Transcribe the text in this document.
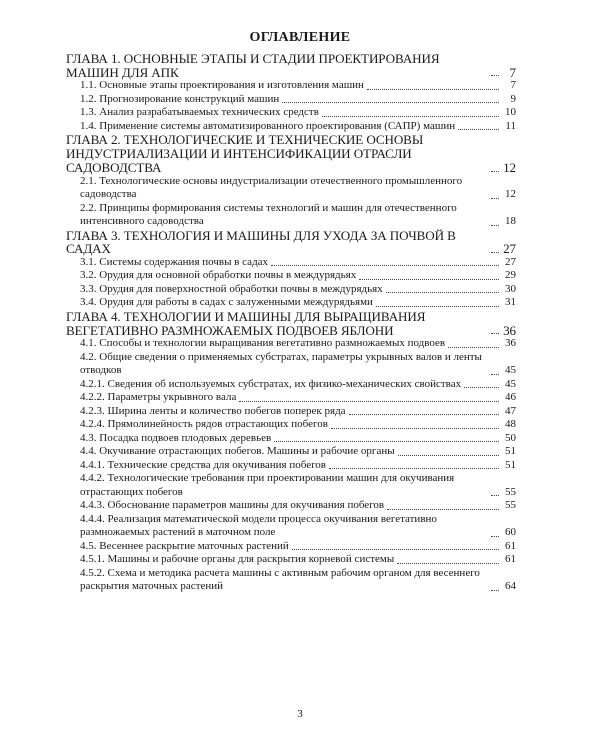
ОГЛАВЛЕНИЕ
ГЛАВА 1. ОСНОВНЫЕ ЭТАПЫ И СТАДИИ ПРОЕКТИРОВАНИЯ МАШИН ДЛЯ АПК	7
1.1. Основные этапы проектирования и изготовления машин	7
1.2. Прогнозирование конструкций машин	9
1.3. Анализ разрабатываемых технических средств	10
1.4. Применение системы автоматизированного проектирования (САПР) машин	11
ГЛАВА 2. ТЕХНОЛОГИЧЕСКИЕ И ТЕХНИЧЕСКИЕ ОСНОВЫ ИНДУСТРИАЛИЗАЦИИ И ИНТЕНСИФИКАЦИИ ОТРАСЛИ САДОВОДСТВА	12
2.1. Технологические основы индустриализации отечественного промышленного садоводства	12
2.2. Принципы формирования системы технологий и машин для отечественного интенсивного садоводства	18
ГЛАВА 3. ТЕХНОЛОГИЯ И МАШИНЫ ДЛЯ УХОДА ЗА ПОЧВОЙ В САДАХ	27
3.1. Системы содержания почвы в садах	27
3.2. Орудия для основной обработки почвы в междурядьях	29
3.3. Орудия для поверхностной обработки почвы в междурядьях	30
3.4. Орудия для работы в садах с залуженными междурядьями	31
ГЛАВА 4. ТЕХНОЛОГИИ И МАШИНЫ ДЛЯ ВЫРАЩИВАНИЯ ВЕГЕТАТИВНО РАЗМНОЖАЕМЫХ ПОДВОЕВ ЯБЛОНИ	36
4.1. Способы и технологии выращивания вегетативно размножаемых подвоев	36
4.2. Общие сведения о применяемых субстратах, параметры укрывных валов и ленты отводков	45
4.2.1. Сведения об используемых субстратах, их физико-механических свойствах	45
4.2.2. Параметры укрывного вала	46
4.2.3. Ширина ленты и количество побегов поперек ряда	47
4.2.4. Прямолинейность рядов отрастающих побегов	48
4.3. Посадка подвоев плодовых деревьев	50
4.4. Окучивание отрастающих побегов. Машины и рабочие органы	51
4.4.1. Технические средства для окучивания побегов	51
4.4.2. Технологические требования при проектировании машин для окучивания отрастающих побегов	55
4.4.3. Обоснование параметров машины для окучивания побегов	55
4.4.4. Реализация математической модели процесса окучивания вегетативно размножаемых растений в маточном поле	60
4.5. Весеннее раскрытие маточных растений	61
4.5.1. Машины и рабочие органы для раскрытия корневой системы	61
4.5.2. Схема и методика расчета машины с активным рабочим органом для весеннего раскрытия маточных растений	64
3
